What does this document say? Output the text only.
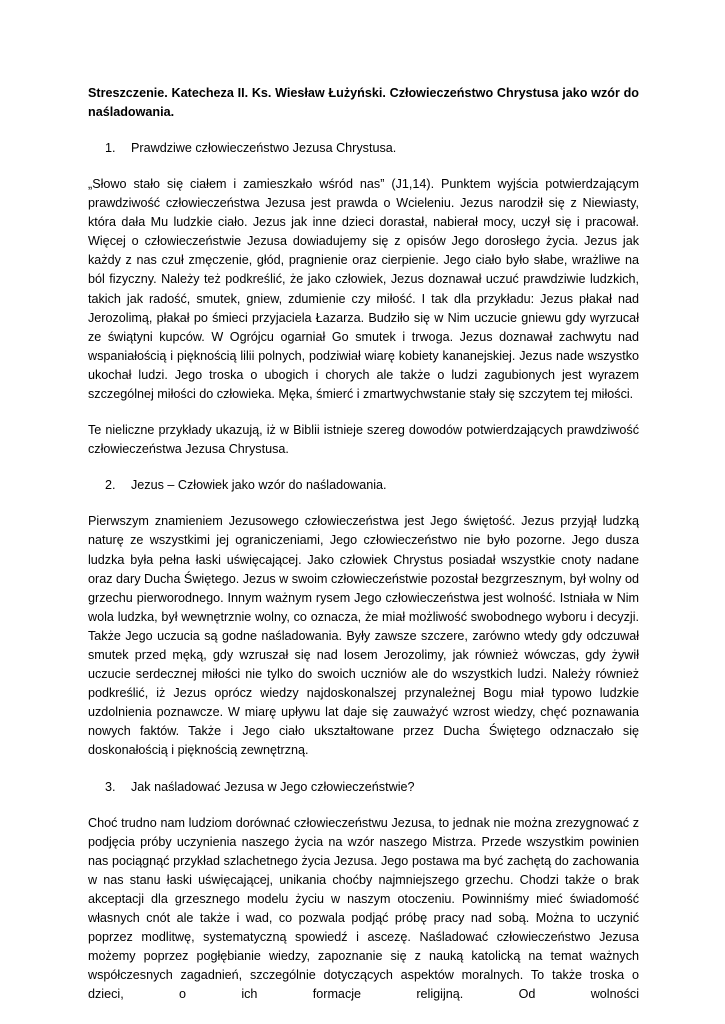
Streszczenie. Katecheza II. Ks. Wiesław Łużyński. Człowieczeństwo Chrystusa jako wzór do naśladowania.

1.	Prawdziwe człowieczeństwo Jezusa Chrystusa.

„Słowo stało się ciałem i zamieszkało wśród nas” (J1,14). Punktem wyjścia potwierdzającym prawdziwość człowieczeństwa Jezusa jest prawda o Wcieleniu. Jezus narodził się z Niewiasty, która dała Mu ludzkie ciało. Jezus jak inne dzieci dorastał, nabierał mocy, uczył się i pracował. Więcej o człowieczeństwie Jezusa dowiadujemy się z opisów Jego dorosłego życia. Jezus jak każdy z nas czuł zmęczenie, głód, pragnienie oraz cierpienie. Jego ciało było słabe, wrażliwe na ból fizyczny. Należy też podkreślić, że jako człowiek, Jezus doznawał uczuć prawdziwie ludzkich, takich jak radość, smutek, gniew, zdumienie czy miłość. I tak dla przykładu: Jezus płakał nad Jerozolimą, płakał po śmieci przyjaciela Łazarza. Budziło się w Nim uczucie gniewu gdy wyrzucał ze świątyni kupców. W Ogrójcu ogarniał Go smutek i trwoga. Jezus doznawał zachwytu nad wspaniałością i pięknością lilii polnych, podziwiał wiarę kobiety kananejskiej. Jezus nade wszystko ukochał ludzi. Jego troska o ubogich i chorych ale także o ludzi zagubionych jest wyrazem szczególnej miłości do człowieka. Męka, śmierć i zmartwychwstanie stały się szczytem tej miłości.

Te nieliczne przykłady ukazują, iż w Biblii istnieje szereg dowodów potwierdzających prawdziwość człowieczeństwa Jezusa Chrystusa.

2.	Jezus – Człowiek jako wzór do naśladowania.

Pierwszym znamieniem Jezusowego człowieczeństwa jest Jego świętość. Jezus przyjął ludzką naturę ze wszystkimi jej ograniczeniami, Jego człowieczeństwo nie było pozorne. Jego dusza ludzka była pełna łaski uświęcającej. Jako człowiek Chrystus posiadał wszystkie cnoty nadane oraz dary Ducha Świętego. Jezus w swoim człowieczeństwie pozostał bezgrzesznym, był wolny od grzechu pierworodnego. Innym ważnym rysem Jego człowieczeństwa jest wolność. Istniała w Nim wola ludzka, był wewnętrznie wolny, co oznacza, że miał możliwość swobodnego wyboru i decyzji. Także Jego uczucia są godne naśladowania. Były zawsze szczere, zarówno wtedy gdy odczuwał smutek przed męką, gdy wzruszał się nad losem Jerozolimy, jak również wówczas, gdy żywił uczucie serdecznej miłości nie tylko do swoich uczniów ale do wszystkich ludzi. Należy również podkreślić, iż Jezus oprócz wiedzy najdoskonalszej przynależnej Bogu miał typowo ludzkie uzdolnienia poznawcze. W miarę upływu lat daje się zauważyć wzrost wiedzy, chęć poznawania nowych faktów. Także i Jego ciało ukształtowane przez Ducha Świętego odznaczało się doskonałością i pięknością zewnętrzną.

3.	Jak naśladować Jezusa w Jego człowieczeństwie?

Choć trudno nam ludziom dorównać człowieczeństwu Jezusa, to jednak nie można zrezygnować z podjęcia próby uczynienia naszego życia na wzór naszego Mistrza. Przede wszystkim powinien nas pociągnąć przykład szlachetnego życia Jezusa. Jego postawa ma być zachętą do zachowania w nas stanu łaski uświęcającej, unikania choćby najmniejszego grzechu. Chodzi także o brak akceptacji dla grzesznego modelu życiu w naszym otoczeniu. Powinniśmy mieć świadomość własnych cnót ale także i wad, co pozwala podjąć próbę pracy nad sobą. Można to uczynić poprzez modlitwę, systematyczną spowiedź i ascezę. Naśladować człowieczeństwo Jezusa możemy poprzez pogłębianie wiedzy, zapoznanie się z nauką katolicką na temat ważnych współczesnych zagadnień, szczególnie dotyczących aspektów moralnych. To także troska o dzieci, o ich formacje religijną. Od wolności
